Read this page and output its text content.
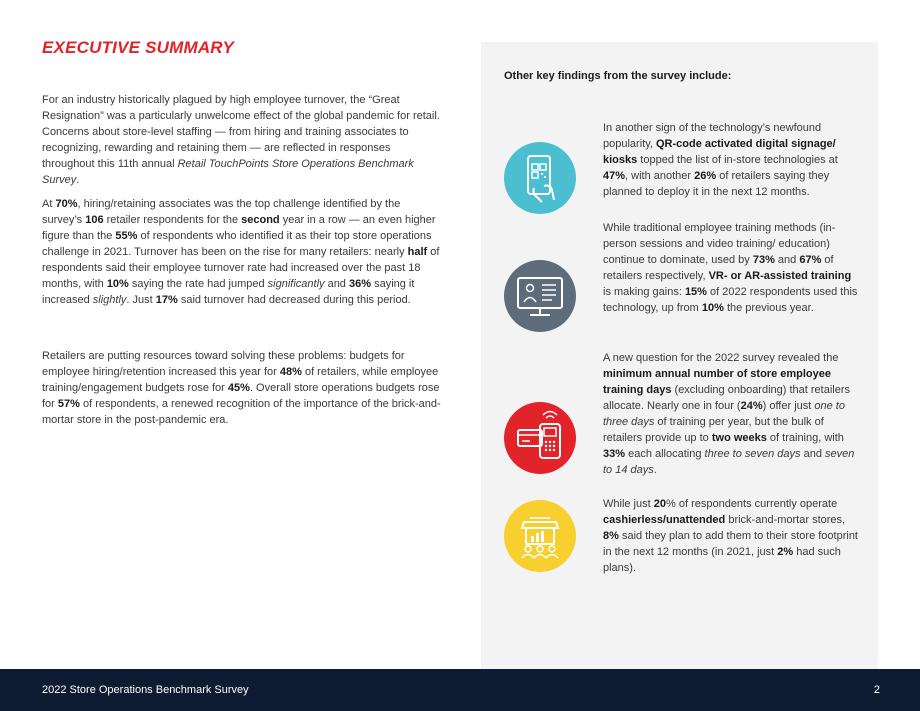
EXECUTIVE SUMMARY

For an industry historically plagued by high employee turnover, the “Great Resignation” was a particularly unwelcome effect of the global pandemic for retail. Concerns about store-level staffing — from hiring and training associates to recognizing, rewarding and retaining them — are reflected in responses throughout this 11th annual Retail TouchPoints Store Operations Benchmark Survey.

At 70%, hiring/retaining associates was the top challenge identified by the survey’s 106 retailer respondents for the second year in a row — an even higher figure than the 55% of respondents who identified it as their top store operations challenge in 2021. Turnover has been on the rise for many retailers: nearly half of respondents said their employee turnover rate had increased over the past 18 months, with 10% saying the rate had jumped significantly and 36% saying it increased slightly. Just 17% said turnover had decreased during this period.

Retailers are putting resources toward solving these problems: budgets for employee hiring/retention increased this year for 48% of retailers, while employee training/engagement budgets rose for 45%. Overall store operations budgets rose for 57% of respondents, a renewed recognition of the importance of the brick-and-mortar store in the post-pandemic era.

Other key findings from the survey include:

In another sign of the technology’s newfound popularity, QR-code activated digital signage/ kiosks topped the list of in-store technologies at 47%, with another 26% of retailers saying they planned to deploy it in the next 12 months.

While traditional employee training methods (in-person sessions and video training/ education) continue to dominate, used by 73% and 67% of retailers respectively, VR- or AR-assisted training is making gains: 15% of 2022 respondents used this technology, up from 10% the previous year.

A new question for the 2022 survey revealed the minimum annual number of store employee training days (excluding onboarding) that retailers allocate. Nearly one in four (24%) offer just one to three days of training per year, but the bulk of retailers provide up to two weeks of training, with 33% each allocating three to seven days and seven to 14 days.

While just 20% of respondents currently operate cashierless/unattended brick-and-mortar stores, 8% said they plan to add them to their store footprint in the next 12 months (in 2021, just 2% had such plans).

2022 Store Operations Benchmark Survey	2
